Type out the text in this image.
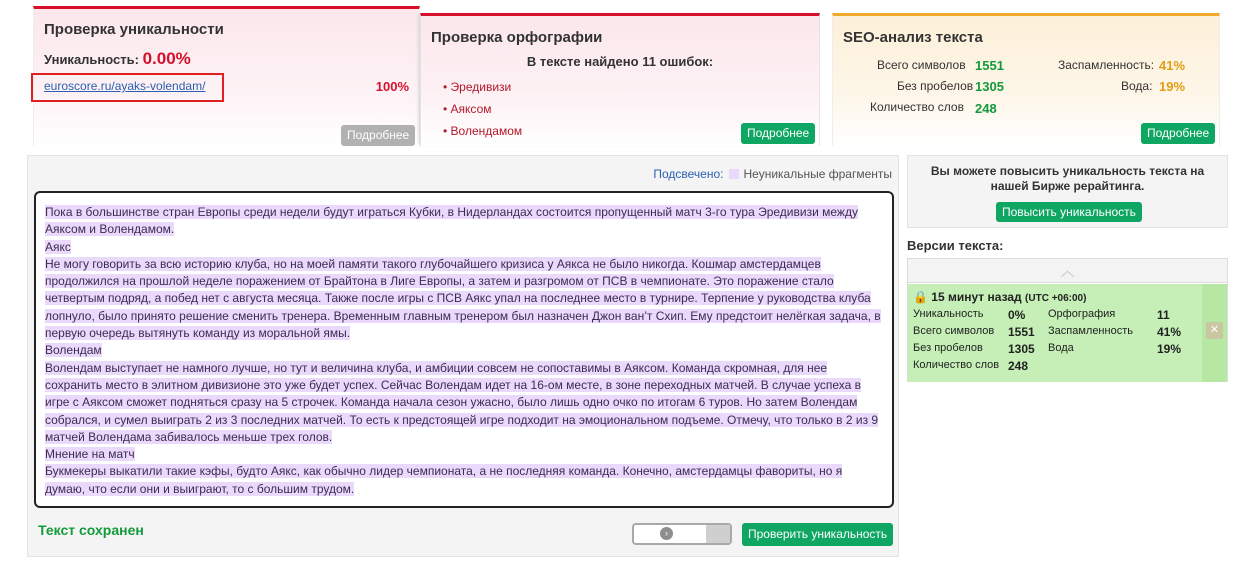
Проверка уникальности
Уникальность: 0.00%
euroscore.ru/ayaks-volendam/	100%
Подробнее
Проверка орфографии
В тексте найдено 11 ошибок:
• Эредивизи
• Аяксом
• Волендамом	Подробнее
SEO-анализ текста
Всего символов 1551
Без пробелов 1305
Количество слов 248
Заспамленность: 41%
Вода: 19%
Подробнее
Подсвечено: Неуникальные фрагменты

Пока в большинстве стран Европы среди недели будут играться Кубки, в Нидерландах состоится пропущенный матч 3-го тура Эредивизи между Аяксом и Волендамом.

Аякс

Не могу говорить за всю историю клуба, но на моей памяти такого глубочайшего кризиса у Аякса не было никогда. Кошмар амстердамцев продолжился на прошлой неделе поражением от Брайтона в Лиге Европы, а затем и разгромом от ПСВ в чемпионате. Это поражение стало четвертым подряд, а побед нет с августа месяца. Также после игры с ПСВ Аякс упал на последнее место в турнире. Терпение у руководства клуба лопнуло, было принято решение сменить тренера. Временным главным тренером был назначен Джон ван’т Схип. Ему предстоит нелёгкая задача, в первую очередь вытянуть команду из моральной ямы.

Волендам

Волендам выступает не намного лучше, но тут и величина клуба, и амбиции совсем не сопоставимы в Аяксом. Команда скромная, для нее сохранить место в элитном дивизионе это уже будет успех. Сейчас Волендам идет на 16-ом месте, в зоне переходных матчей. В случае успеха в игре с Аяксом сможет подняться сразу на 5 строчек. Команда начала сезон ужасно, было лишь одно очко по итогам 6 туров. Но затем Волендам собрался, и сумел выиграть 2 из 3 последних матчей. То есть к предстоящей игре подходит на эмоциональном подъеме. Отмечу, что только в 2 из 9 матчей Волендама забивалось меньше трех голов.

Мнение на матч

Букмекеры выкатили такие кэфы, будто Аякс, как обычно лидер чемпионата, а не последняя команда. Конечно, амстердамцы фавориты, но я думаю, что если они и выиграют, то с большим трудом.

Текст сохранен	›	Проверить уникальность
Вы можете повысить уникальность текста на нашей Бирже рерайтинга.
Повысить уникальность
Версии текста:
︿
🔒 15 минут назад (UTC +06:00)
Уникальность 0% Орфография	11
Всего символов 1551 Заспамленность 41%
Без пробелов 1305 Вода	19%
Количество слов 248
✕
